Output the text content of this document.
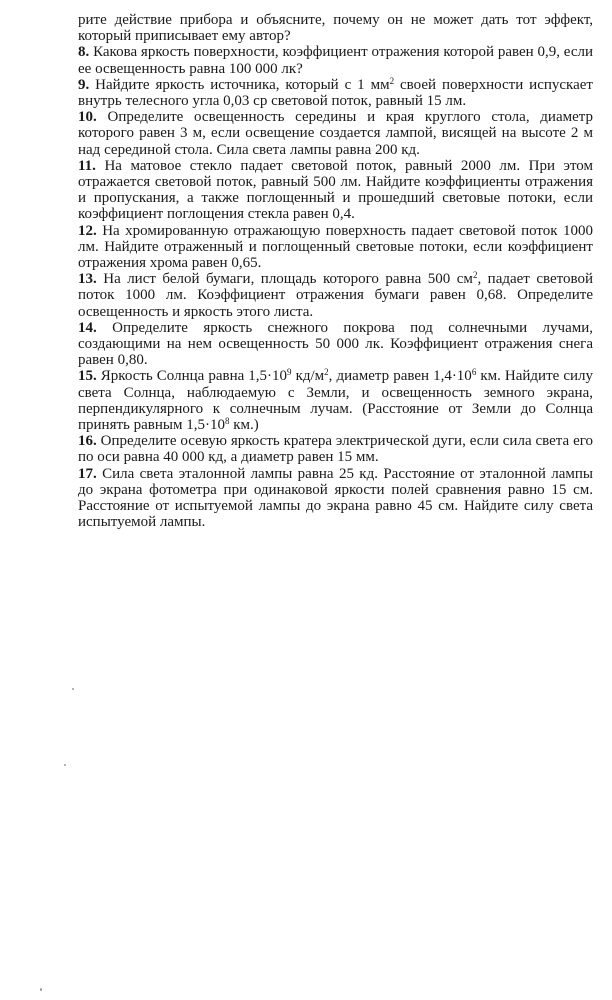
рите действие прибора и объясните, почему он не может дать тот эффект, который приписывает ему автор?

8. Какова яркость поверхности, коэффициент отражения которой равен 0,9, если ее освещенность равна 100 000 лк?

9. Найдите яркость источника, который с 1 $мм^2$ своей поверхности испускает внутрь телесного угла 0,03 ср световой поток, равный 15 лм.

10. Определите освещенность середины и края круглого стола, диаметр которого равен 3 м, если освещение создается лампой, висящей на высоте 2 м над серединой стола. Сила света лампы равна 200 кд.

11. На матовое стекло падает световой поток, равный 2000 лм. При этом отражается световой поток, равный 500 лм. Найдите коэффициенты отражения и пропускания, а также поглощенный и прошедший световые потоки, если коэффициент поглощения стекла равен 0,4.

12. На хромированную отражающую поверхность падает световой поток 1000 лм. Найдите отраженный и поглощенный световые потоки, если коэффициент отражения хрома равен 0,65.

13. На лист белой бумаги, площадь которого равна 500 $см^2$, падает световой поток 1000 лм. Коэффициент отражения бумаги равен 0,68. Определите освещенность и яркость этого листа.

14. Определите яркость снежного покрова под солнечными лучами, создающими на нем освещенность 50 000 лк. Коэффициент отражения снега равен 0,80.

15. Яркость Солнца равна $1,5\cdot 10^9$ $кд/м^2$, диаметр равен $1,4\cdot 10^6$ км. Найдите силу света Солнца, наблюдаемую с Земли, и освещенность земного экрана, перпендикулярного к солнечным лучам. (Расстояние от Земли до Солнца принять равным $1,5\cdot 10^8$ км.)

16. Определите осевую яркость кратера электрической дуги, если сила света его по оси равна 40 000 кд, а диаметр равен 15 мм.

17. Сила света эталонной лампы равна 25 кд. Расстояние от эталонной лампы до экрана фотометра при одинаковой яркости полей сравнения равно 15 см. Расстояние от испытуемой лампы до экрана равно 45 см. Найдите силу света испытуемой лампы.
